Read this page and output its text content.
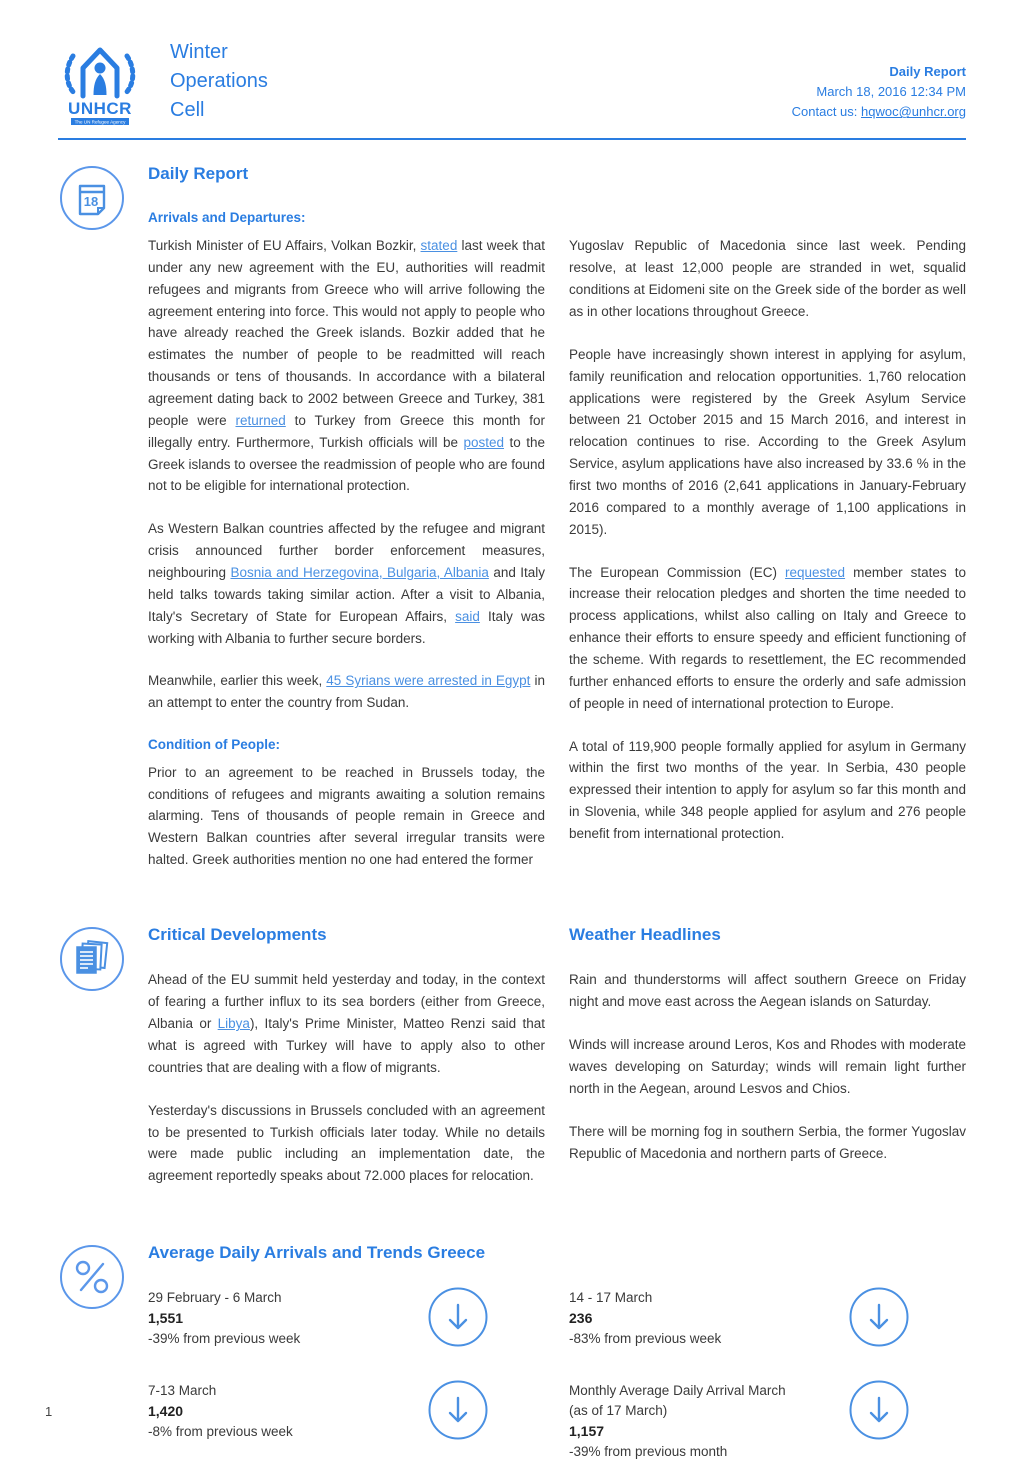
UNHCR
The UN Refugee Agency
Winter
Operations
Cell
Daily Report
March 18, 2016 12:34 PM
Contact us: hqwoc@unhcr.org
18
Daily Report
Arrivals and Departures:

Turkish Minister of EU Affairs, Volkan Bozkir, stated last week that under any new agreement with the EU, authorities will readmit refugees and migrants from Greece who will arrive following the agreement entering into force. This would not apply to people who have already reached the Greek islands. Bozkir added that he estimates the number of people to be readmitted will reach thousands or tens of thousands. In accordance with a bilateral agreement dating back to 2002 between Greece and Turkey, 381 people were returned to Turkey from Greece this month for illegally entry. Furthermore, Turkish officials will be posted to the Greek islands to oversee the readmission of people who are found not to be eligible for international protection.

As Western Balkan countries affected by the refugee and migrant crisis announced further border enforcement measures, neighbouring Bosnia and Herzegovina, Bulgaria, Albania and Italy held talks towards taking similar action. After a visit to Albania, Italy's Secretary of State for European Affairs, said Italy was working with Albania to further secure borders.

Meanwhile, earlier this week, 45 Syrians were arrested in Egypt in an attempt to enter the country from Sudan.

Condition of People:

Prior to an agreement to be reached in Brussels today, the conditions of refugees and migrants awaiting a solution remains alarming. Tens of thousands of people remain in Greece and Western Balkan countries after several irregular transits were halted. Greek authorities mention no one had entered the former

Yugoslav Republic of Macedonia since last week. Pending resolve, at least 12,000 people are stranded in wet, squalid conditions at Eidomeni site on the Greek side of the border as well as in other locations throughout Greece.

People have increasingly shown interest in applying for asylum, family reunification and relocation opportunities. 1,760 relocation applications were registered by the Greek Asylum Service between 21 October 2015 and 15 March 2016, and interest in relocation continues to rise. According to the Greek Asylum Service, asylum applications have also increased by 33.6 % in the first two months of 2016 (2,641 applications in January-February 2016 compared to a monthly average of 1,100 applications in 2015).

The European Commission (EC) requested member states to increase their relocation pledges and shorten the time needed to process applications, whilst also calling on Italy and Greece to enhance their efforts to ensure speedy and efficient functioning of the scheme. With regards to resettlement, the EC recommended further enhanced efforts to ensure the orderly and safe admission of people in need of international protection to Europe.

A total of 119,900 people formally applied for asylum in Germany within the first two months of the year. In Serbia, 430 people expressed their intention to apply for asylum so far this month and in Slovenia, while 348 people applied for asylum and 276 people benefit from international protection.

Critical Developments

Ahead of the EU summit held yesterday and today, in the context of fearing a further influx to its sea borders (either from Greece, Albania or Libya), Italy's Prime Minister, Matteo Renzi said that what is agreed with Turkey will have to apply also to other countries that are dealing with a flow of migrants.

Yesterday's discussions in Brussels concluded with an agreement to be presented to Turkish officials later today. While no details were made public including an implementation date, the agreement reportedly speaks about 72.000 places for relocation.

Weather Headlines

Rain and thunderstorms will affect southern Greece on Friday night and move east across the Aegean islands on Saturday.

Winds will increase around Leros, Kos and Rhodes with moderate waves developing on Saturday; winds will remain light further north in the Aegean, around Lesvos and Chios.

There will be morning fog in southern Serbia, the former Yugoslav Republic of Macedonia and northern parts of Greece.

Average Daily Arrivals and Trends Greece
29 February - 6 March
1,551
-39% from previous week
14 - 17 March
236
-83% from previous week
7-13 March
1,420
-8% from previous week
Monthly Average Daily Arrival March (as of 17 March)
1,157
-39% from previous month
1
